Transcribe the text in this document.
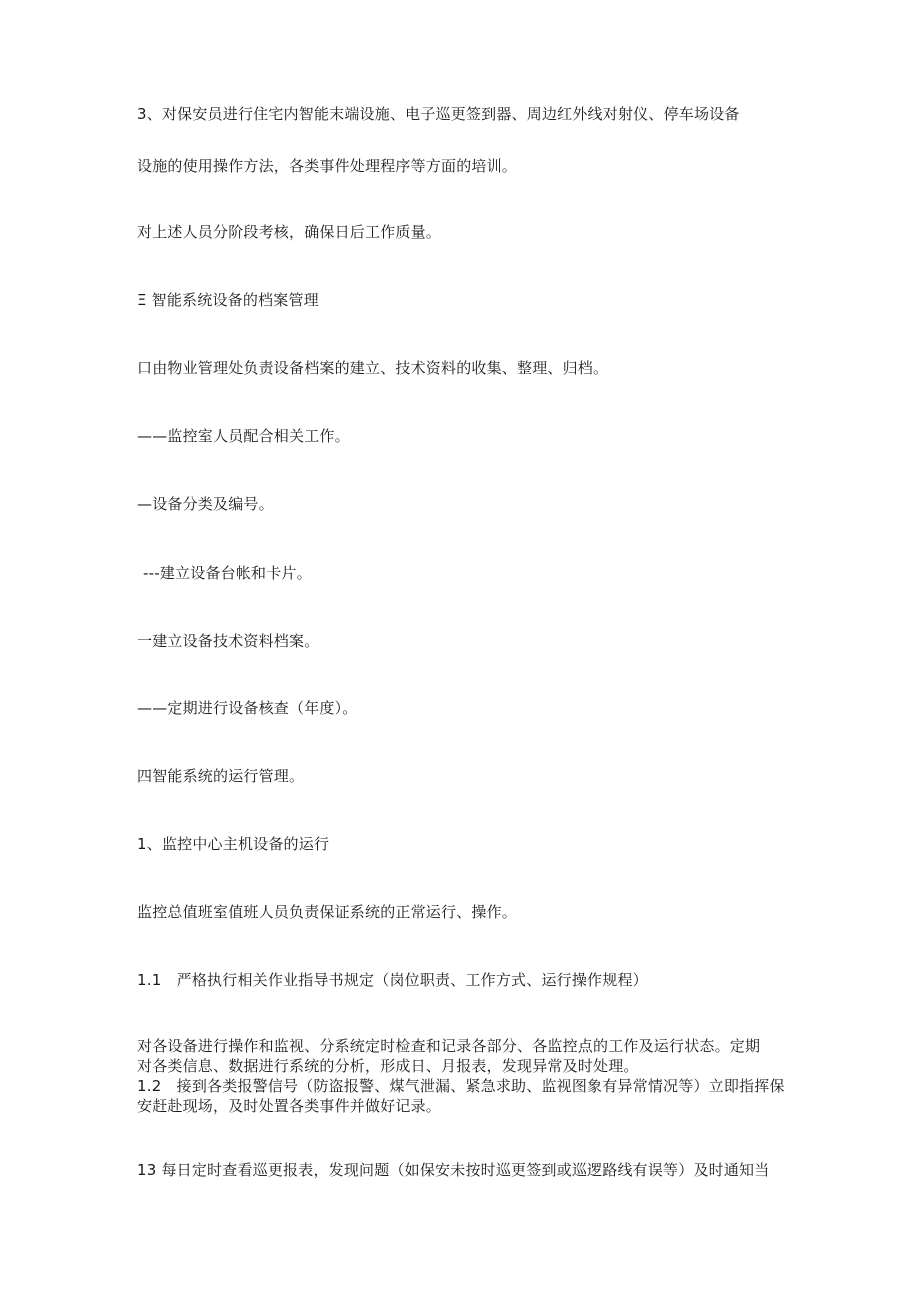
3、对保安员进行住宅内智能末端设施、电子巡更签到器、周边红外线对射仪、停车场设备
设施的使用操作方法，各类事件处理程序等方面的培训。
对上述人员分阶段考核，确保日后工作质量。
Ξ 智能系统设备的档案管理
口由物业管理处负责设备档案的建立、技术资料的收集、整理、归档。
——监控室人员配合相关工作。
—设备分类及编号。
---建立设备台帐和卡片。
一建立设备技术资料档案。
——定期进行设备核查（年度）。
四智能系统的运行管理。
1、监控中心主机设备的运行
监控总值班室值班人员负责保证系统的正常运行、操作。
1.1　严格执行相关作业指导书规定（岗位职责、工作方式、运行操作规程）
对各设备进行操作和监视、分系统定时检查和记录各部分、各监控点的工作及运行状态。定期
对各类信息、数据进行系统的分析，形成日、月报表，发现异常及时处理。
1.2　接到各类报警信号（防盗报警、煤气泄漏、紧急求助、监视图象有异常情况等）立即指挥保
安赶赴现场，及时处置各类事件并做好记录。
13 每日定时查看巡更报表，发现问题（如保安未按时巡更签到或巡逻路线有误等）及时通知当
